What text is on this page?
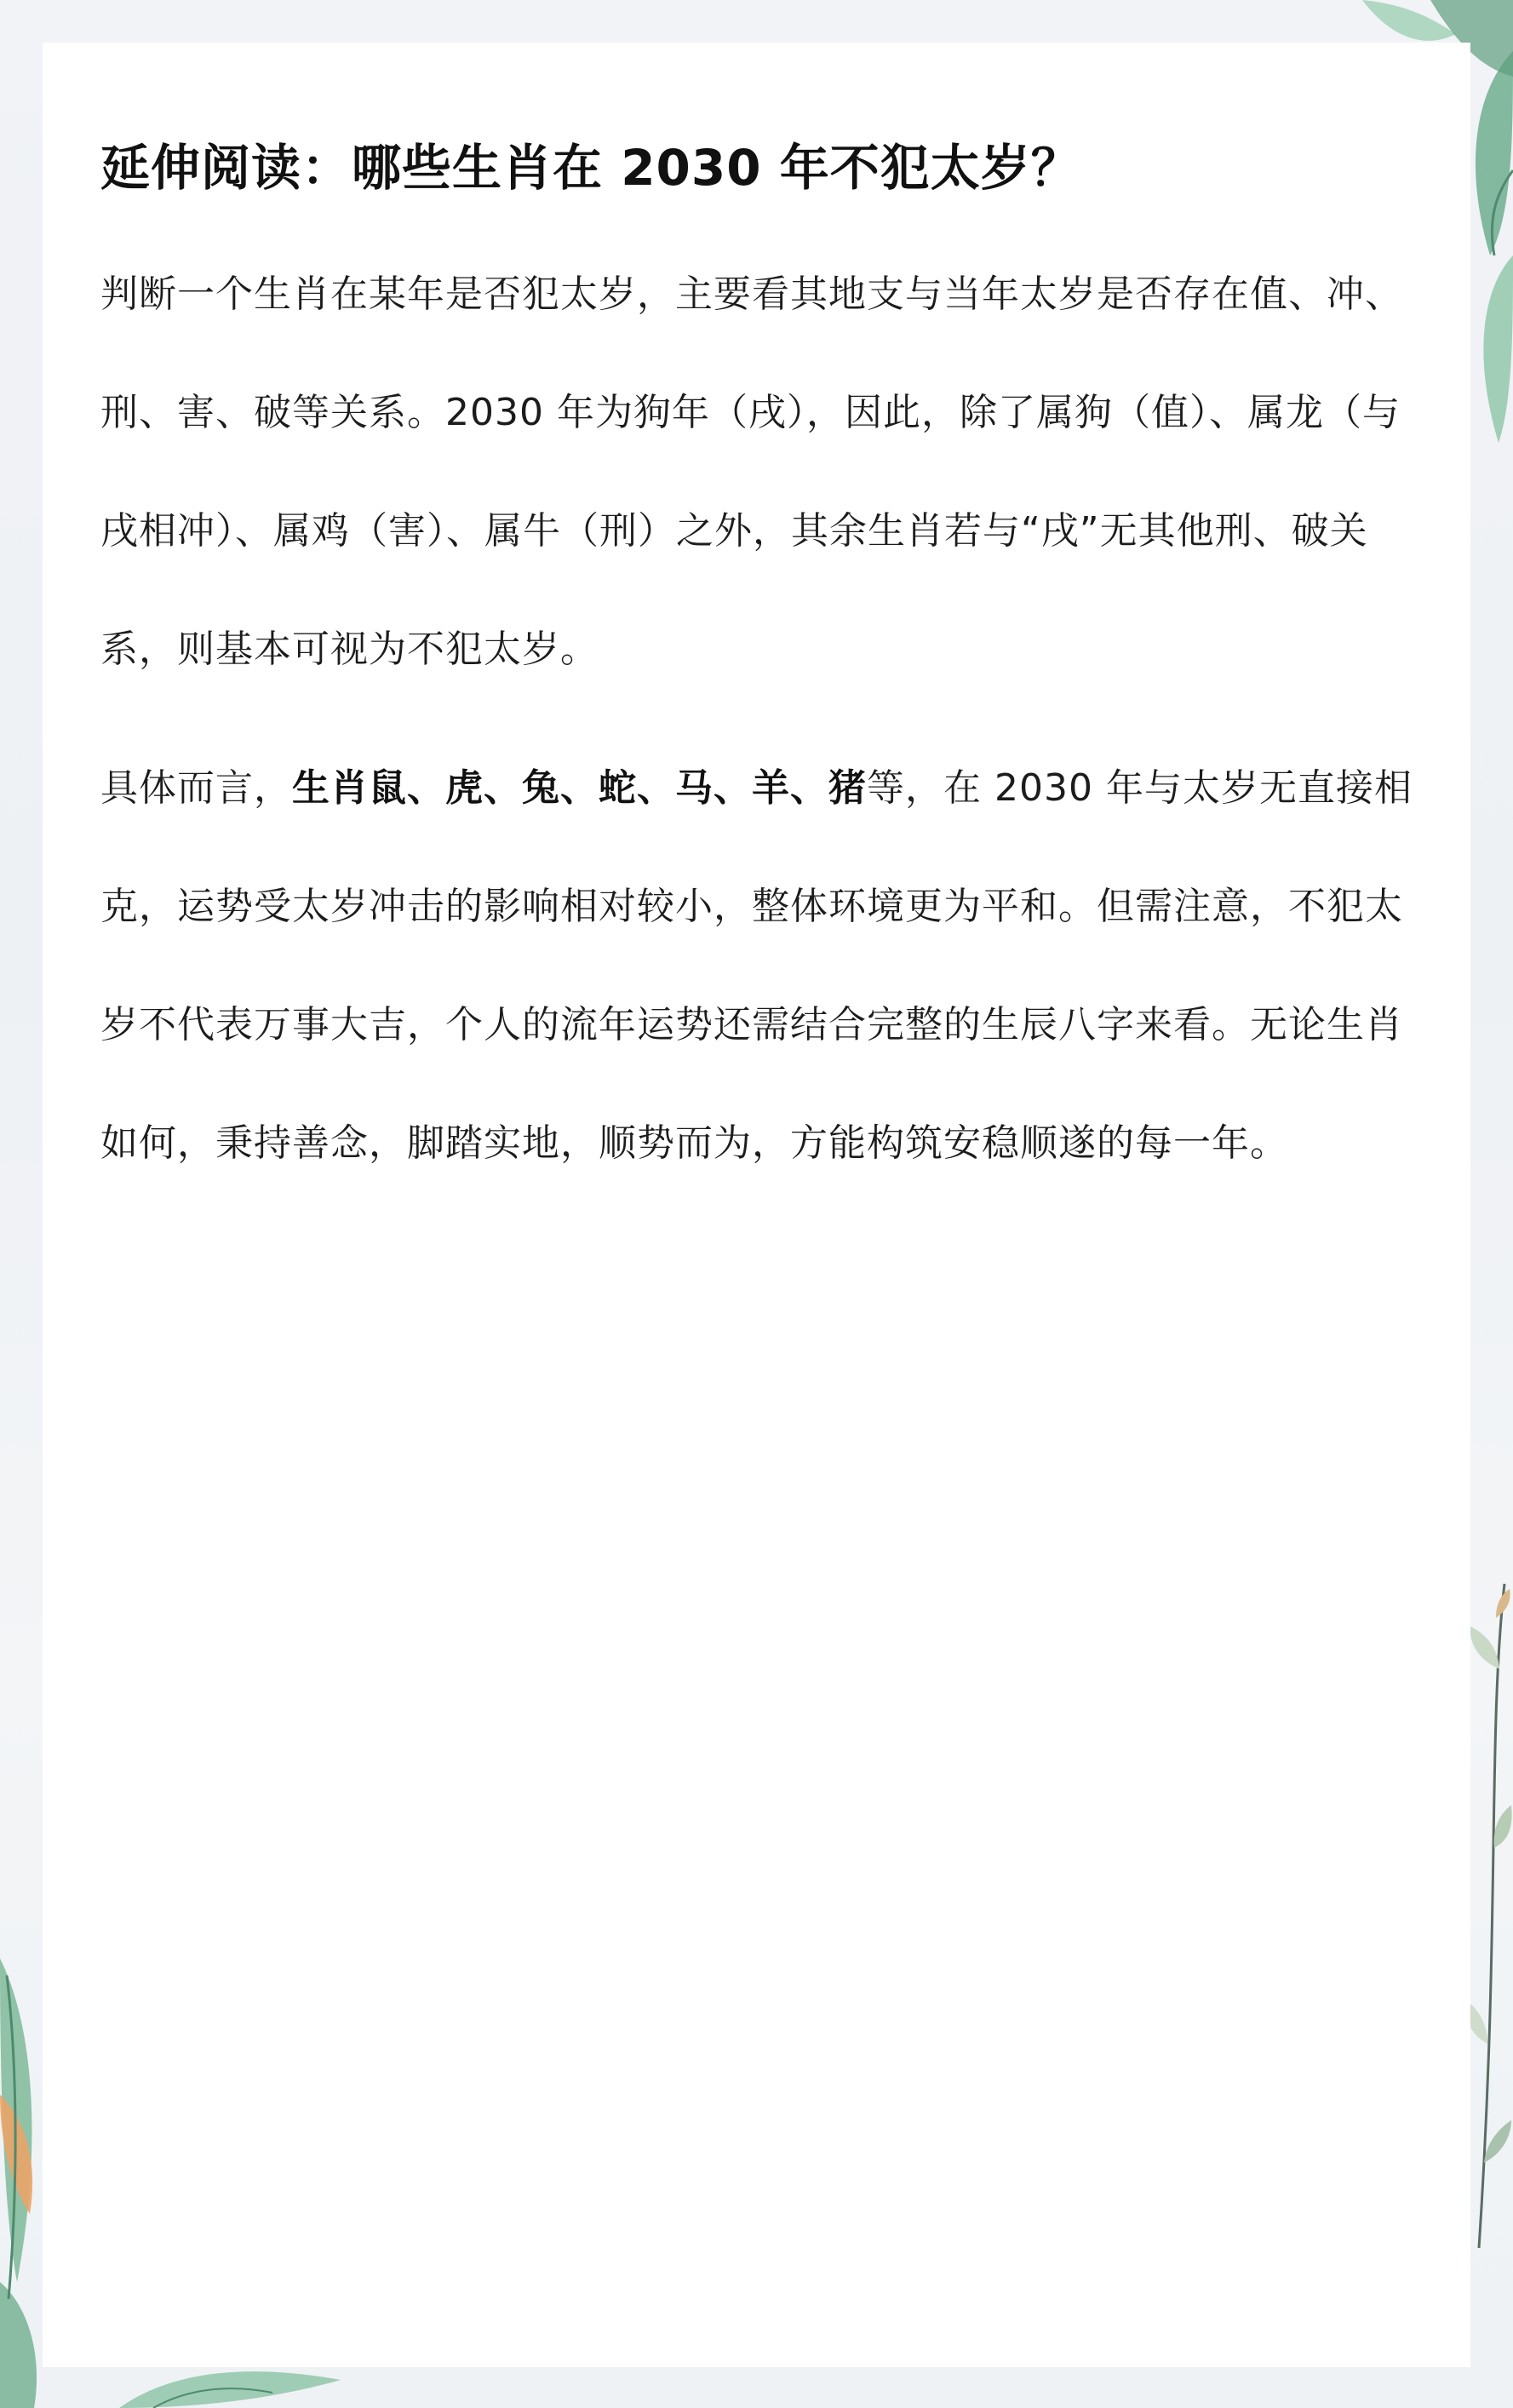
延伸阅读：哪些生肖在 2030 年不犯太岁？

判断一个生肖在某年是否犯太岁，主要看其地支与当年太岁是否存在值、冲、刑、害、破等关系。2030 年为狗年（戌），因此，除了属狗（值）、属龙（与戌相冲）、属鸡（害）、属牛（刑）之外，其余生肖若与“戌”无其他刑、破关系，则基本可视为不犯太岁。

具体而言，生肖鼠、虎、兔、蛇、马、羊、猪等，在 2030 年与太岁无直接相克，运势受太岁冲击的影响相对较小，整体环境更为平和。但需注意，不犯太岁不代表万事大吉，个人的流年运势还需结合完整的生辰八字来看。无论生肖如何，秉持善念，脚踏实地，顺势而为，方能构筑安稳顺遂的每一年。
